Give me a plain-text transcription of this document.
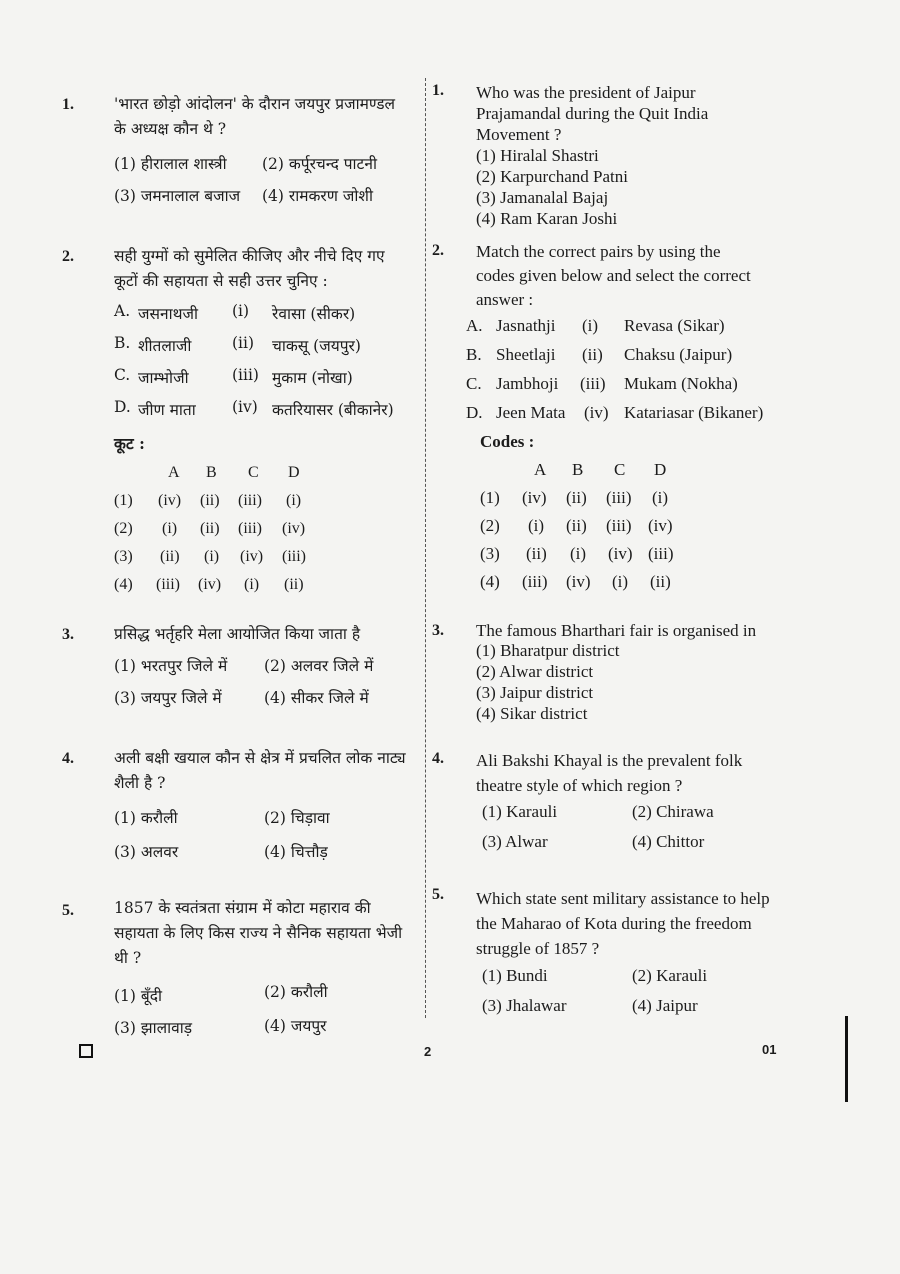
1.	'भारत छोड़ो आंदोलन' के दौरान जयपुर प्रजामण्डल के अध्यक्ष कौन थे ?
(1) हीरालाल शास्त्री (2) कर्पूरचन्द पाटनी
(3) जमनालाल बजाज (4) रामकरण जोशी
2.	सही युग्मों को सुमेलित कीजिए और नीचे दिए गए कूटों की सहायता से सही उत्तर चुनिए :
A. जसनाथजी (i) रेवासा (सीकर)
B. शीतलाजी	(ii) चाकसू (जयपुर)
C. जाम्भोजी	(iii) मुकाम (नोखा)
D. जीण माता (iv) कतरियासर (बीकानेर)
कूट :
A B C D
(1) (iv) (ii) (iii) (i)
(2) (i) (ii) (iii) (iv)
(3) (ii) (i) (iv) (iii)
(4) (iii) (iv) (i) (ii)
3.	प्रसिद्ध भर्तृहरि मेला आयोजित किया जाता है
(1) भरतपुर जिले में (2) अलवर जिले में
(3) जयपुर जिले में	(4) सीकर जिले में
4.	अली बक्षी खयाल कौन से क्षेत्र में प्रचलित लोक नाट्य शैली है ?
(1) करौली	(2) चिड़ावा
(3) अलवर	(4) चित्तौड़
5.	1857 के स्वतंत्रता संग्राम में कोटा महाराव की सहायता के लिए किस राज्य ने सैनिक सहायता भेजी थी ?
(1) बूँदी	(2) करौली
(3) झालावाड़	(4) जयपुर
1. Who was the president of Jaipur Prajamandal during the Quit India Movement ?
(1) Hiralal Shastri
(2) Karpurchand Patni
(3) Jamanalal Bajaj
(4) Ram Karan Joshi
2. Match the correct pairs by using the codes given below and select the correct answer :
A. Jasnathji (i) Revasa (Sikar)
B. Sheetlaji (ii) Chaksu (Jaipur)
C. Jambhoji (iii) Mukam (Nokha)
D. Jeen Mata (iv) Katariasar (Bikaner)
Codes :
A B C D
(1) (iv) (ii) (iii) (i)
(2) (i) (ii) (iii) (iv)
(3) (ii) (i) (iv) (iii)
(4) (iii) (iv) (i) (ii)
3. The famous Bharthari fair is organised in
(1) Bharatpur district
(2) Alwar district
(3) Jaipur district
(4) Sikar district
4. Ali Bakshi Khayal is the prevalent folk theatre style of which region ?
(1) Karauli	(2) Chirawa
(3) Alwar	(4) Chittor
5. Which state sent military assistance to help the Maharao of Kota during the freedom struggle of 1857 ?
(1) Bundi	(2) Karauli
(3) Jhalawar	(4) Jaipur
2	01
